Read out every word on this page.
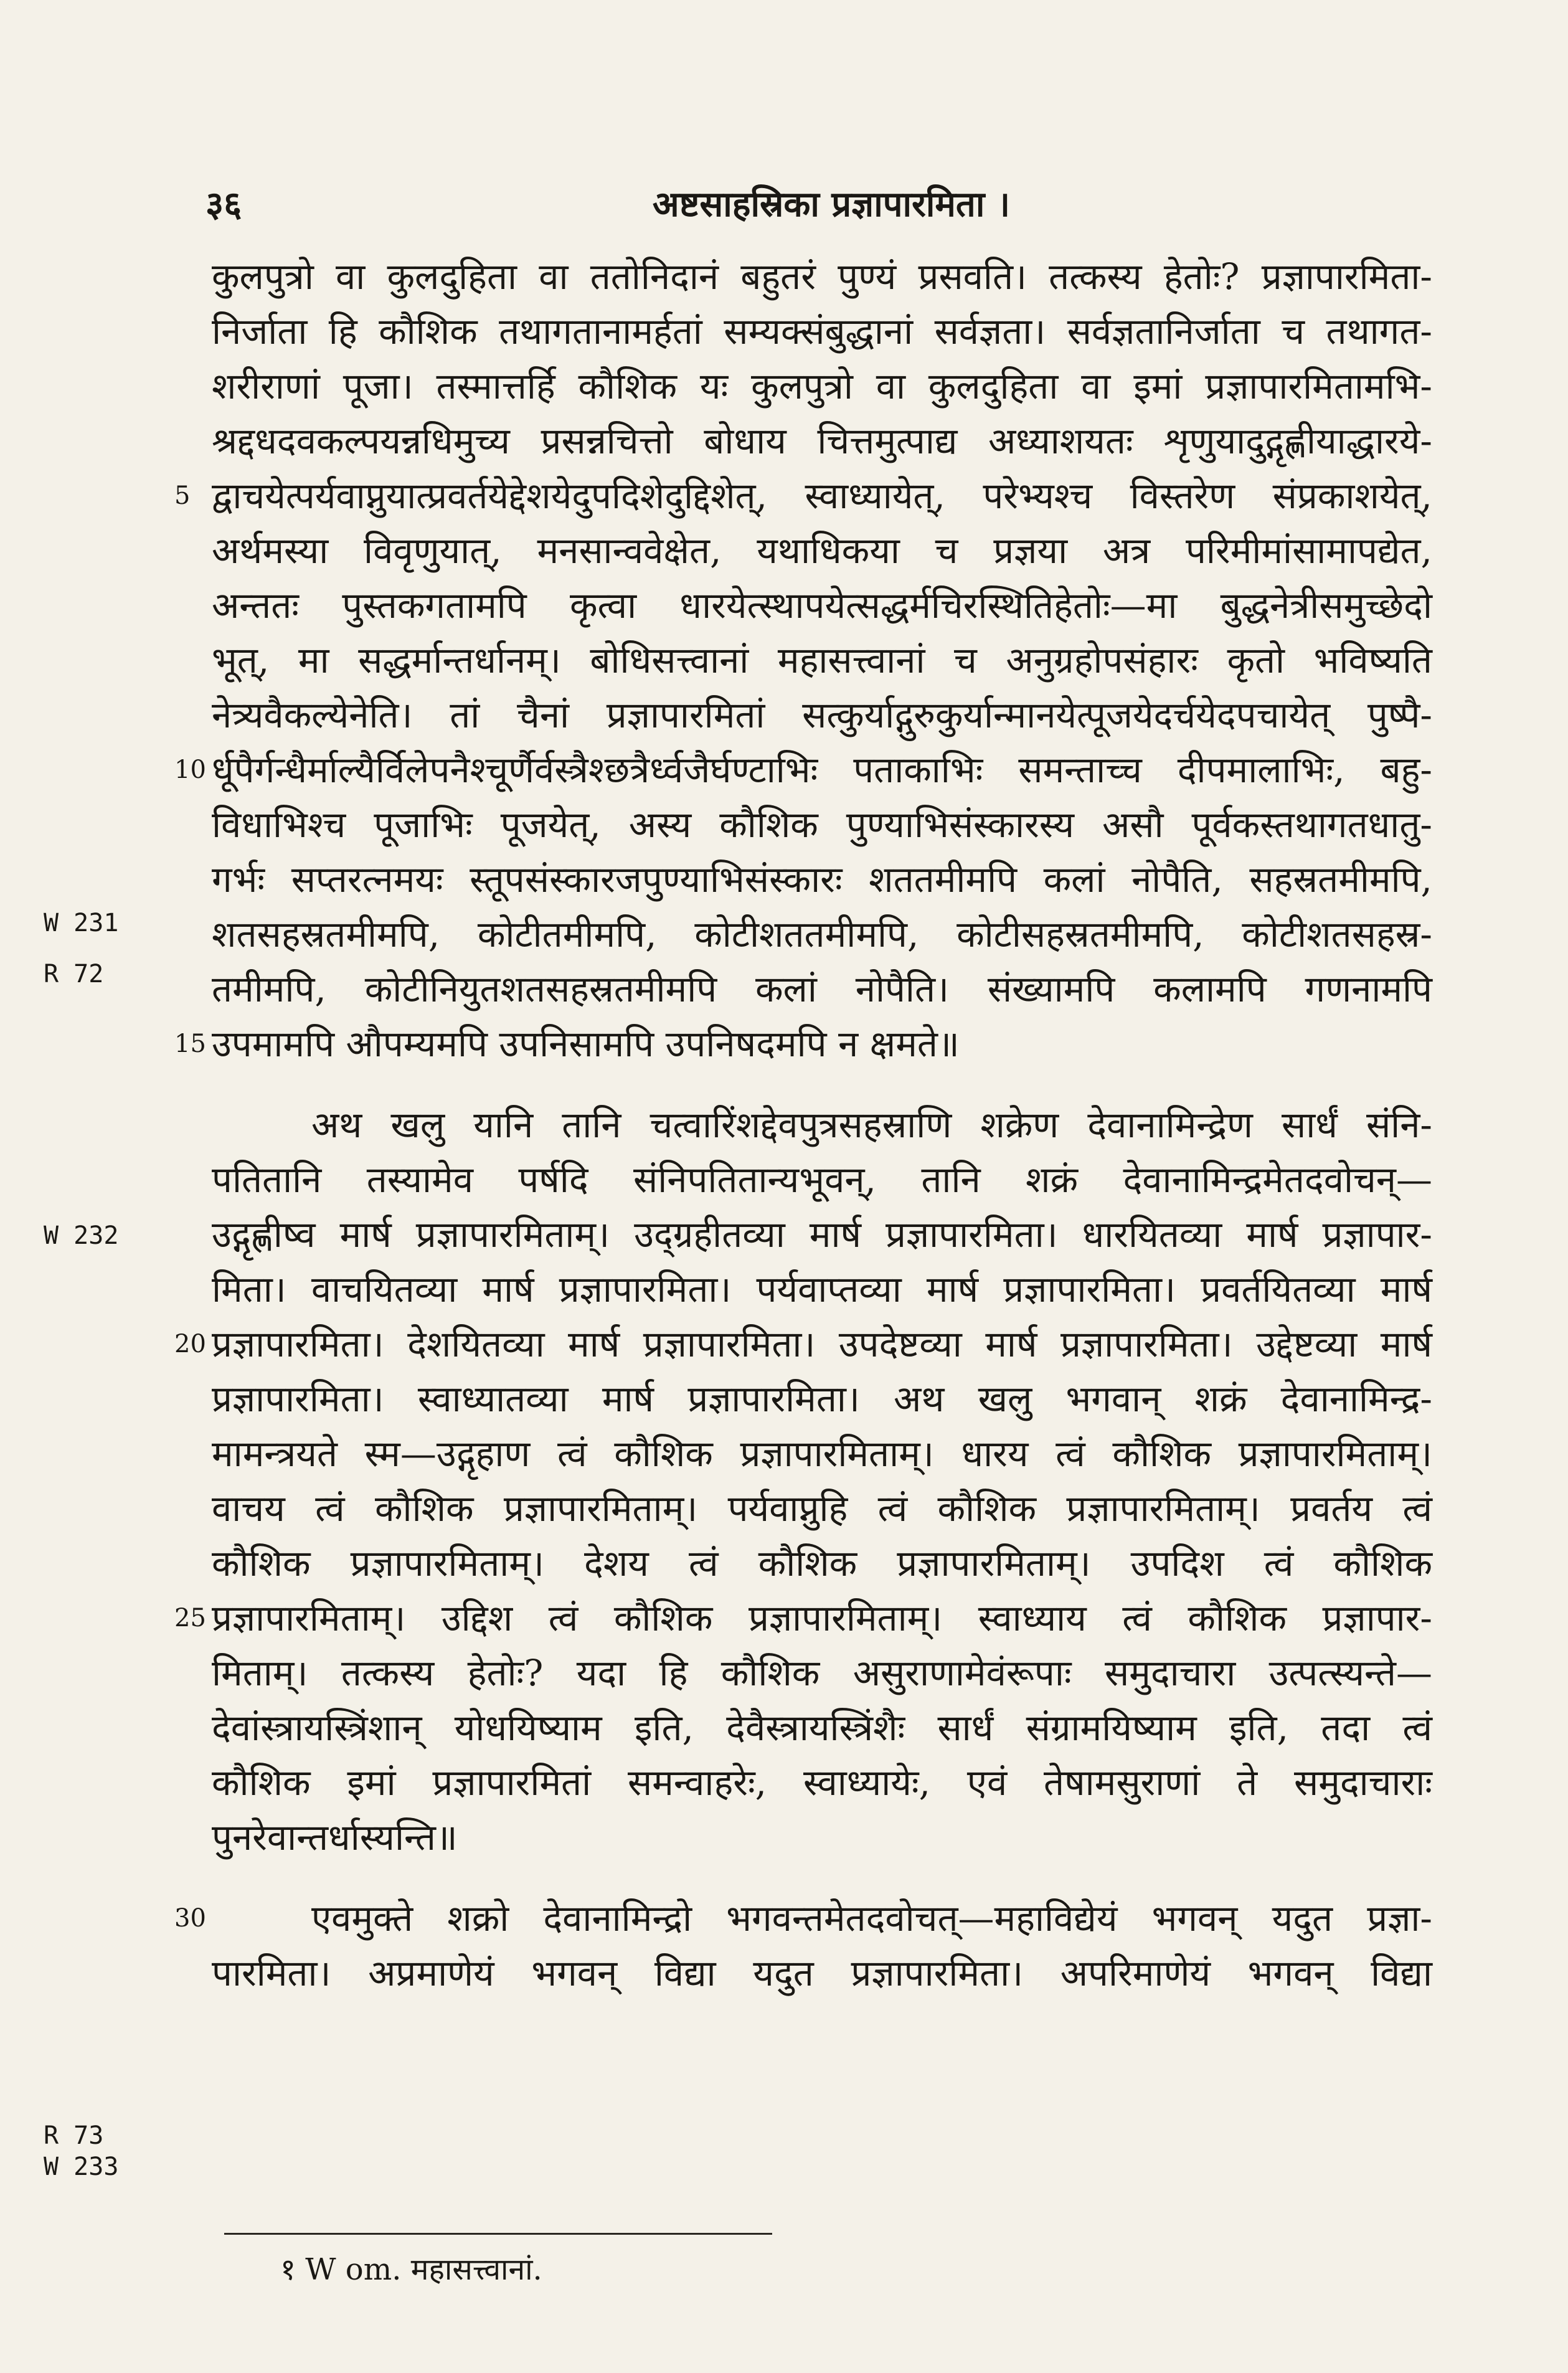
३६	अष्टसाहस्रिका प्रज्ञापारमिता ।
W 231
R 72
W 232
R 73
W 233
कुलपुत्रो वा कुलदुहिता वा ततोनिदानं बहुतरं पुण्यं प्रसवति। तत्कस्य हेतोः? प्रज्ञापारमिता-
निर्जाता हि कौशिक तथागतानामर्हतां सम्यक्संबुद्धानां सर्वज्ञता। सर्वज्ञतानिर्जाता च तथागत-
शरीराणां पूजा। तस्मात्तर्हि कौशिक यः कुलपुत्रो वा कुलदुहिता वा इमां प्रज्ञापारमितामभि-
श्रद्दधदवकल्पयन्नधिमुच्य प्रसन्नचित्तो बोधाय चित्तमुत्पाद्य अध्याशयतः शृणुयादुद्गृह्णीयाद्धारये-
5 द्वाचयेत्पर्यवाप्नुयात्प्रवर्तयेद्देशयेदुपदिशेदुद्दिशेत्, स्वाध्यायेत्, परेभ्यश्च विस्तरेण संप्रकाशयेत्,
अर्थमस्या विवृणुयात्, मनसान्ववेक्षेत, यथाधिकया च प्रज्ञया अत्र परिमीमांसामापद्येत,
अन्ततः पुस्तकगतामपि कृत्वा धारयेत्स्थापयेत्सद्धर्मचिरस्थितिहेतोः—मा बुद्धनेत्रीसमुच्छेदो
भूत्, मा सद्धर्मान्तर्धानम्। बोधिसत्त्वानां महासत्त्वानां च अनुग्रहोपसंहारः कृतो भविष्यति
नेत्र्यवैकल्येनेति। तां चैनां प्रज्ञापारमितां सत्कुर्याद्गुरुकुर्यान्मानयेत्पूजयेदर्चयेदपचायेत् पुष्पै-
10 र्धूपैर्गन्धैर्माल्यैर्विलेपनैश्चूर्णैर्वस्त्रैश्छत्रैर्ध्वजैर्घण्टाभिः पताकाभिः समन्ताच्च दीपमालाभिः, बहु-
विधाभिश्च पूजाभिः पूजयेत्, अस्य कौशिक पुण्याभिसंस्कारस्य असौ पूर्वकस्तथागतधातु-
गर्भः सप्तरत्नमयः स्तूपसंस्कारजपुण्याभिसंस्कारः शततमीमपि कलां नोपैति, सहस्रतमीमपि,
शतसहस्रतमीमपि, कोटीतमीमपि, कोटीशततमीमपि, कोटीसहस्रतमीमपि, कोटीशतसहस्र-
तमीमपि, कोटीनियुतशतसहस्रतमीमपि कलां नोपैति। संख्यामपि कलामपि गणनामपि
15 उपमामपि औपम्यमपि उपनिसामपि उपनिषदमपि न क्षमते॥
अथ खलु यानि तानि चत्वारिंशद्देवपुत्रसहस्राणि शक्रेण देवानामिन्द्रेण सार्धं संनि-
पतितानि तस्यामेव पर्षदि संनिपतितान्यभूवन्, तानि शक्रं देवानामिन्द्रमेतदवोचन्—
उद्गृह्णीष्व मार्ष प्रज्ञापारमिताम्। उद्ग्रहीतव्या मार्ष प्रज्ञापारमिता। धारयितव्या मार्ष प्रज्ञापार-
मिता। वाचयितव्या मार्ष प्रज्ञापारमिता। पर्यवाप्तव्या मार्ष प्रज्ञापारमिता। प्रवर्तयितव्या मार्ष
20 प्रज्ञापारमिता। देशयितव्या मार्ष प्रज्ञापारमिता। उपदेष्टव्या मार्ष प्रज्ञापारमिता। उद्देष्टव्या मार्ष
प्रज्ञापारमिता। स्वाध्यातव्या मार्ष प्रज्ञापारमिता। अथ खलु भगवान् शक्रं देवानामिन्द्र-
मामन्त्रयते स्म—उद्गृहाण त्वं कौशिक प्रज्ञापारमिताम्। धारय त्वं कौशिक प्रज्ञापारमिताम्।
वाचय त्वं कौशिक प्रज्ञापारमिताम्। पर्यवाप्नुहि त्वं कौशिक प्रज्ञापारमिताम्। प्रवर्तय त्वं
कौशिक प्रज्ञापारमिताम्। देशय त्वं कौशिक प्रज्ञापारमिताम्। उपदिश त्वं कौशिक
25 प्रज्ञापारमिताम्। उद्दिश त्वं कौशिक प्रज्ञापारमिताम्। स्वाध्याय त्वं कौशिक प्रज्ञापार-
मिताम्। तत्कस्य हेतोः? यदा हि कौशिक असुराणामेवंरूपाः समुदाचारा उत्पत्स्यन्ते—
देवांस्त्रायस्त्रिंशान् योधयिष्याम इति, देवैस्त्रायस्त्रिंशैः सार्धं संग्रामयिष्याम इति, तदा त्वं
कौशिक इमां प्रज्ञापारमितां समन्वाहरेः, स्वाध्यायेः, एवं तेषामसुराणां ते समुदाचाराः
पुनरेवान्तर्धास्यन्ति॥
30	एवमुक्ते शक्रो देवानामिन्द्रो भगवन्तमेतदवोचत्—महाविद्येयं भगवन् यदुत प्रज्ञा-
पारमिता। अप्रमाणेयं भगवन् विद्या यदुत प्रज्ञापारमिता। अपरिमाणेयं भगवन् विद्या
१ W om. महासत्त्वानां.
